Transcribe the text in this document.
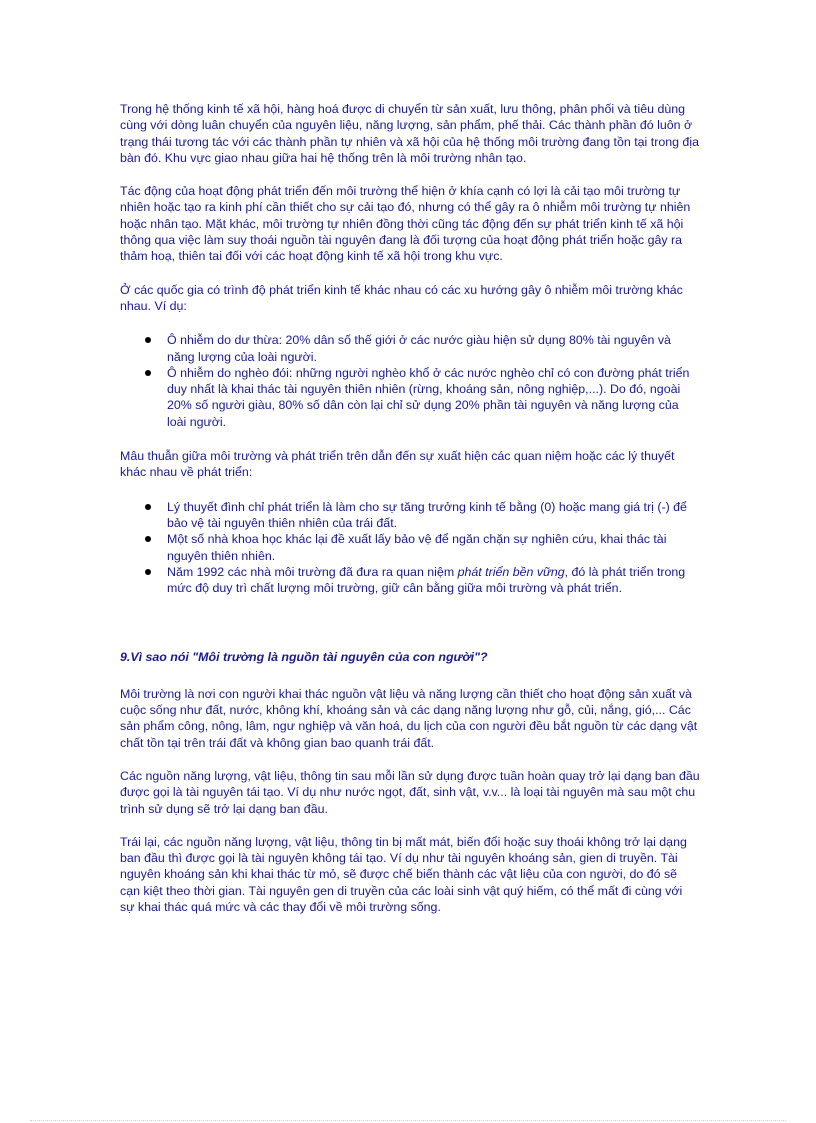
Trong hệ thống kinh tế xã hội, hàng hoá được di chuyển từ sản xuất, lưu thông, phân phối và tiêu dùng cùng với dòng luân chuyển của nguyên liệu, năng lượng, sản phẩm, phế thải. Các thành phần đó luôn ở trạng thái tương tác với các thành phần tự nhiên và xã hội của hệ thống môi trường đang tồn tại trong địa bàn đó. Khu vực giao nhau giữa hai hệ thống trên là môi trường nhân tạo.

Tác động của hoạt động phát triển đến môi trường thể hiện ở khía cạnh có lợi là cải tạo môi trường tự nhiên hoặc tạo ra kinh phí cần thiết cho sự cải tạo đó, nhưng có thể gây ra ô nhiễm môi trường tự nhiên hoặc nhân tạo. Mặt khác, môi trường tự nhiên đồng thời cũng tác động đến sự phát triển kinh tế xã hội thông qua việc làm suy thoái nguồn tài nguyên đang là đối tượng của hoạt động phát triển hoặc gây ra thảm hoạ, thiên tai đối với các hoạt động kinh tế xã hội trong khu vực.

Ở các quốc gia có trình độ phát triển kinh tế khác nhau có các xu hướng gây ô nhiễm môi trường khác nhau. Ví dụ:

Ô nhiễm do dư thừa: 20% dân số thế giới ở các nước giàu hiện sử dụng 80% tài nguyên và năng lượng của loài người.
Ô nhiễm do nghèo đói: những người nghèo khổ ở các nước nghèo chỉ có con đường phát triển duy nhất là khai thác tài nguyên thiên nhiên (rừng, khoáng sản, nông nghiệp,...). Do đó, ngoài 20% số người giàu, 80% số dân còn lại chỉ sử dụng 20% phần tài nguyên và năng lượng của loài người.

Mâu thuẫn giữa môi trường và phát triển trên dẫn đến sự xuất hiện các quan niệm hoặc các lý thuyết khác nhau về phát triển:

Lý thuyết đình chỉ phát triển là làm cho sự tăng trưởng kinh tế bằng (0) hoặc mang giá trị (-) để bảo vệ tài nguyên thiên nhiên của trái đất.
Một số nhà khoa học khác lại đề xuất lấy bảo vệ để ngăn chặn sự nghiên cứu, khai thác tài nguyên thiên nhiên.
Năm 1992 các nhà môi trường đã đưa ra quan niệm phát triển bền vững, đó là phát triển trong mức độ duy trì chất lượng môi trường, giữ cân bằng giữa môi trường và phát triển.

9.Vì sao nói "Môi trường là nguồn tài nguyên của con người"?

Môi trường là nơi con người khai thác nguồn vật liệu và năng lượng cần thiết cho hoạt động sản xuất và cuộc sống như đất, nước, không khí, khoáng sản và các dạng năng lượng như gỗ, củi, nắng, gió,... Các sản phẩm công, nông, lâm, ngư nghiệp và văn hoá, du lịch của con người đều bắt nguồn từ các dạng vật chất tồn tại trên trái đất và không gian bao quanh trái đất.

Các nguồn năng lượng, vật liệu, thông tin sau mỗi lần sử dụng được tuần hoàn quay trở lại dạng ban đầu được gọi là tài nguyên tái tạo. Ví dụ như nước ngọt, đất, sinh vật, v.v... là loại tài nguyên mà sau một chu trình sử dụng sẽ trở lại dạng ban đầu.

Trái lại, các nguồn năng lượng, vật liệu, thông tin bị mất mát, biến đổi hoặc suy thoái không trở lại dạng ban đầu thì được gọi là tài nguyên không tái tạo. Ví dụ như tài nguyên khoáng sản, gien di truyền. Tài nguyên khoáng sản khi khai thác từ mỏ, sẽ được chế biến thành các vật liệu của con người, do đó sẽ cạn kiệt theo thời gian. Tài nguyên gen di truyền của các loài sinh vật quý hiếm, có thể mất đi cùng với sự khai thác quá mức và các thay đổi về môi trường sống.
